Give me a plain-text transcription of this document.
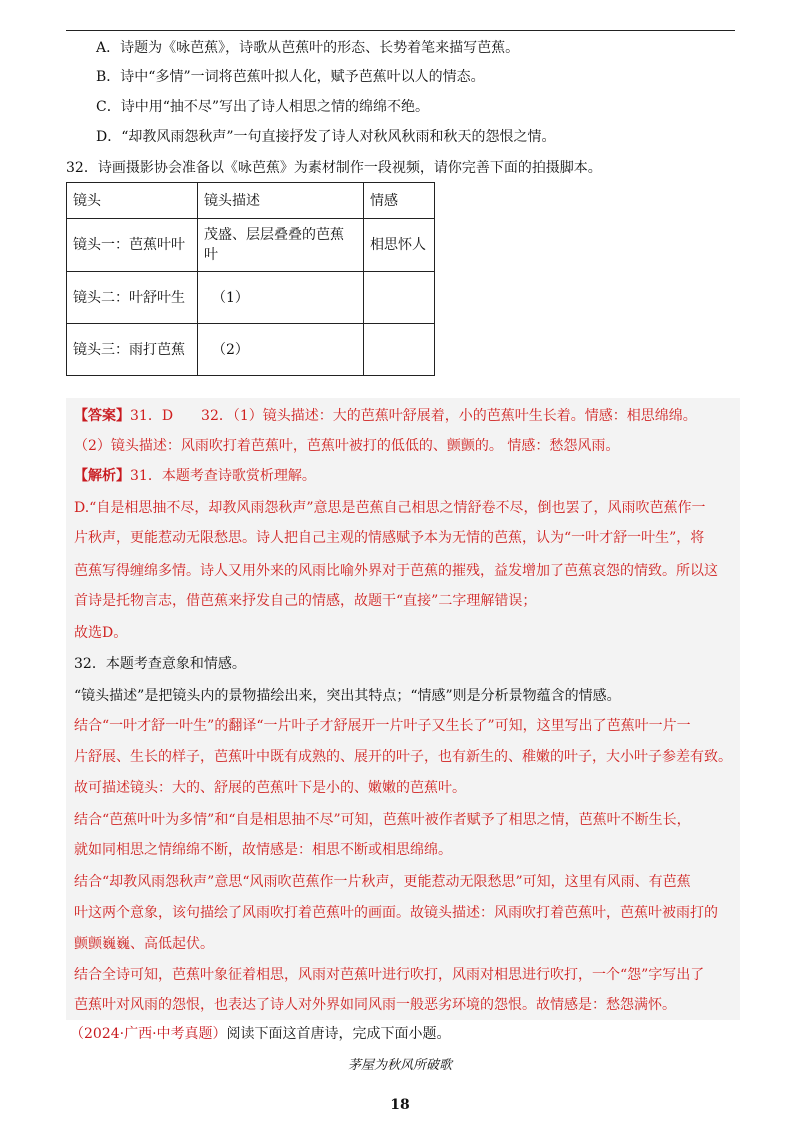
A．诗题为《咏芭蕉》，诗歌从芭蕉叶的形态、长势着笔来描写芭蕉。
B．诗中“多情”一词将芭蕉叶拟人化，赋予芭蕉叶以人的情态。
C．诗中用“抽不尽”写出了诗人相思之情的绵绵不绝。
D．“却教风雨怨秋声”一句直接抒发了诗人对秋风秋雨和秋天的怨恨之情。
32．诗画摄影协会准备以《咏芭蕉》为素材制作一段视频，请你完善下面的拍摄脚本。
镜头	镜头描述	情感
镜头一：芭蕉叶叶	茂盛、层层叠叠的芭蕉叶	相思怀人
镜头二：叶舒叶生	（1）	
镜头三：雨打芭蕉	（2）	

【答案】31．D　　32．（1）镜头描述：大的芭蕉叶舒展着，小的芭蕉叶生长着。情感：相思绵绵。

（2）镜头描述：风雨吹打着芭蕉叶，芭蕉叶被打的低低的、颤颤的。 情感：愁怨风雨。

【解析】31．本题考查诗歌赏析理解。

D.“自是相思抽不尽，却教风雨怨秋声”意思是芭蕉自己相思之情舒卷不尽，倒也罢了，风雨吹芭蕉作一

片秋声，更能惹动无限愁思。诗人把自己主观的情感赋予本为无情的芭蕉，认为“一叶才舒一叶生”，将

芭蕉写得缠绵多情。诗人又用外来的风雨比喻外界对于芭蕉的摧残，益发增加了芭蕉哀怨的情致。所以这

首诗是托物言志，借芭蕉来抒发自己的情感，故题干“直接”二字理解错误；

故选D。

32．本题考查意象和情感。

“镜头描述”是把镜头内的景物描绘出来，突出其特点；“情感”则是分析景物蕴含的情感。

结合“一叶才舒一叶生”的翻译“一片叶子才舒展开一片叶子又生长了”可知，这里写出了芭蕉叶一片一

片舒展、生长的样子，芭蕉叶中既有成熟的、展开的叶子，也有新生的、稚嫩的叶子，大小叶子参差有致。

故可描述镜头：大的、舒展的芭蕉叶下是小的、嫩嫩的芭蕉叶。

结合“芭蕉叶叶为多情”和“自是相思抽不尽”可知，芭蕉叶被作者赋予了相思之情，芭蕉叶不断生长，

就如同相思之情绵绵不断，故情感是：相思不断或相思绵绵。

结合“却教风雨怨秋声”意思“风雨吹芭蕉作一片秋声，更能惹动无限愁思”可知，这里有风雨、有芭蕉

叶这两个意象，该句描绘了风雨吹打着芭蕉叶的画面。故镜头描述：风雨吹打着芭蕉叶，芭蕉叶被雨打的

颤颤巍巍、高低起伏。

结合全诗可知，芭蕉叶象征着相思，风雨对芭蕉叶进行吹打，风雨对相思进行吹打，一个“怨”字写出了

芭蕉叶对风雨的怨恨，也表达了诗人对外界如同风雨一般恶劣环境的怨恨。故情感是：愁怨满怀。

（2024·广西·中考真题）阅读下面这首唐诗，完成下面小题。
茅屋为秋风所破歌
18
